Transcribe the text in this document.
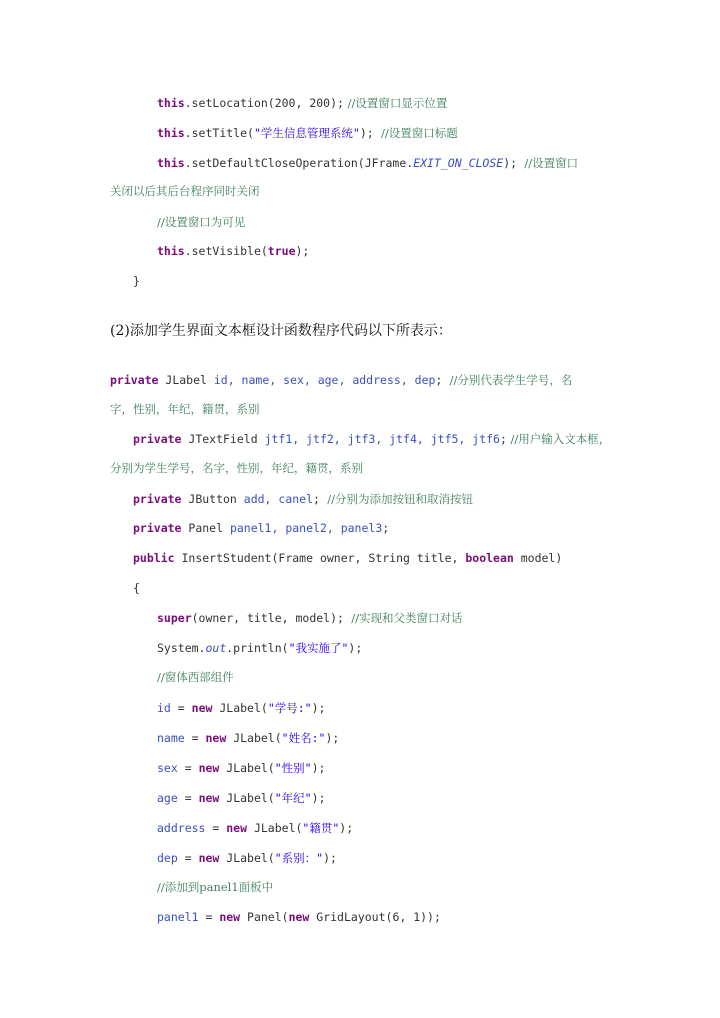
this.setLocation(200, 200); //设置窗口显示位置
this.setTitle("学生信息管理系统");  //设置窗口标题
this.setDefaultCloseOperation(JFrame.EXIT_ON_CLOSE);  //设置窗口
关闭以后其后台程序同时关闭
//设置窗口为可见
this.setVisible(true);
}
(2)添加学生界面文本框设计函数程序代码以下所表示：
private JLabel id, name, sex, age, address, dep;  //分别代表学生学号，名
字，性别，年纪，籍贯，系别
private JTextField jtf1, jtf2, jtf3, jtf4, jtf5, jtf6; //用户输入文本框，
分别为学生学号，名字，性别，年纪，籍贯，系别
private JButton add, canel;  //分别为添加按钮和取消按钮
private Panel panel1, panel2, panel3;
public InsertStudent(Frame owner, String title, boolean model)
{
super(owner, title, model);  //实现和父类窗口对话
System.out.println("我实施了");
//窗体西部组件
id = new JLabel("学号:");
name = new JLabel("姓名:");
sex = new JLabel("性别");
age = new JLabel("年纪");
address = new JLabel("籍贯");
dep = new JLabel("系别：");
//添加到panel1面板中
panel1 = new Panel(new GridLayout(6, 1));
